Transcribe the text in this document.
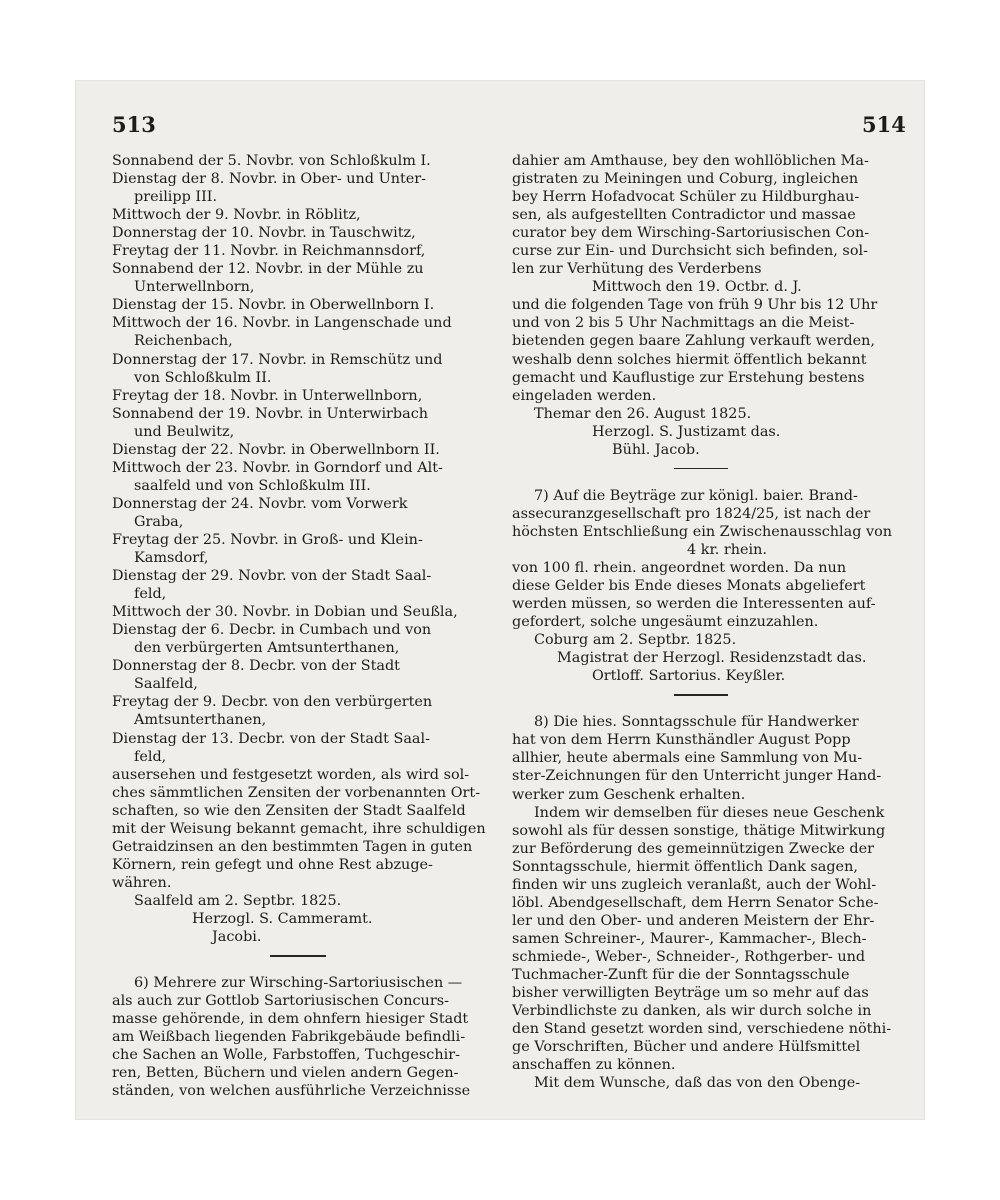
513	514
Sonnabend der 5. Novbr. von Schloßkulm I.
Dienstag der 8. Novbr. in Ober- und Unter-
preilipp III.
Mittwoch der 9. Novbr. in Röblitz,
Donnerstag der 10. Novbr. in Tauschwitz,
Freytag der 11. Novbr. in Reichmannsdorf,
Sonnabend der 12. Novbr. in der Mühle zu
Unterwellnborn,
Dienstag der 15. Novbr. in Oberwellnborn I.
Mittwoch der 16. Novbr. in Langenschade und
Reichenbach,
Donnerstag der 17. Novbr. in Remschütz und
von Schloßkulm II.
Freytag der 18. Novbr. in Unterwellnborn,
Sonnabend der 19. Novbr. in Unterwirbach
und Beulwitz,
Dienstag der 22. Novbr. in Oberwellnborn II.
Mittwoch der 23. Novbr. in Gorndorf und Alt-
saalfeld und von Schloßkulm III.
Donnerstag der 24. Novbr. vom Vorwerk
Graba,
Freytag der 25. Novbr. in Groß- und Klein-
Kamsdorf,
Dienstag der 29. Novbr. von der Stadt Saal-
feld,
Mittwoch der 30. Novbr. in Dobian und Seußla,
Dienstag der 6. Decbr. in Cumbach und von
den verbürgerten Amtsunterthanen,
Donnerstag der 8. Decbr. von der Stadt
Saalfeld,
Freytag der 9. Decbr. von den verbürgerten
Amtsunterthanen,
Dienstag der 13. Decbr. von der Stadt Saal-
feld,
ausersehen und festgesetzt worden, als wird sol-
ches sämmtlichen Zensiten der vorbenannten Ort-
schaften, so wie den Zensiten der Stadt Saalfeld
mit der Weisung bekannt gemacht, ihre schuldigen
Getraidzinsen an den bestimmten Tagen in guten
Körnern, rein gefegt und ohne Rest abzuge-
währen.
Saalfeld am 2. Septbr. 1825.
Herzogl. S. Cammeramt.
Jacobi.
6) Mehrere zur Wirsching-Sartoriusischen —
als auch zur Gottlob Sartoriusischen Concurs-
masse gehörende, in dem ohnfern hiesiger Stadt
am Weißbach liegenden Fabrikgebäude befindli-
che Sachen an Wolle, Farbstoffen, Tuchgeschir-
ren, Betten, Büchern und vielen andern Gegen-
ständen, von welchen ausführliche Verzeichnisse
dahier am Amthause, bey den wohllöblichen Ma-
gistraten zu Meiningen und Coburg, ingleichen
bey Herrn Hofadvocat Schüler zu Hildburghau-
sen, als aufgestellten Contradictor und massae
curator bey dem Wirsching-Sartoriusischen Con-
curse zur Ein- und Durchsicht sich befinden, sol-
len zur Verhütung des Verderbens
Mittwoch den 19. Octbr. d. J.
und die folgenden Tage von früh 9 Uhr bis 12 Uhr
und von 2 bis 5 Uhr Nachmittags an die Meist-
bietenden gegen baare Zahlung verkauft werden,
weshalb denn solches hiermit öffentlich bekannt
gemacht und Kauflustige zur Erstehung bestens
eingeladen werden.
Themar den 26. August 1825.
Herzogl. S. Justizamt das.
Bühl. Jacob.
7) Auf die Beyträge zur königl. baier. Brand-
assecuranzgesellschaft pro 1824/25, ist nach der
höchsten Entschließung ein Zwischenausschlag von
4 kr. rhein.
von 100 fl. rhein. angeordnet worden. Da nun
diese Gelder bis Ende dieses Monats abgeliefert
werden müssen, so werden die Interessenten auf-
gefordert, solche ungesäumt einzuzahlen.
Coburg am 2. Septbr. 1825.
Magistrat der Herzogl. Residenzstadt das.
Ortloff. Sartorius. Keyßler.
8) Die hies. Sonntagsschule für Handwerker
hat von dem Herrn Kunsthändler August Popp
allhier, heute abermals eine Sammlung von Mu-
ster-Zeichnungen für den Unterricht junger Hand-
werker zum Geschenk erhalten.
Indem wir demselben für dieses neue Geschenk
sowohl als für dessen sonstige, thätige Mitwirkung
zur Beförderung des gemeinnützigen Zwecke der
Sonntagsschule, hiermit öffentlich Dank sagen,
finden wir uns zugleich veranlaßt, auch der Wohl-
löbl. Abendgesellschaft, dem Herrn Senator Sche-
ler und den Ober- und anderen Meistern der Ehr-
samen Schreiner-, Maurer-, Kammacher-, Blech-
schmiede-, Weber-, Schneider-, Rothgerber- und
Tuchmacher-Zunft für die der Sonntagsschule
bisher verwilligten Beyträge um so mehr auf das
Verbindlichste zu danken, als wir durch solche in
den Stand gesetzt worden sind, verschiedene nöthi-
ge Vorschriften, Bücher und andere Hülfsmittel
anschaffen zu können.
Mit dem Wunsche, daß das von den Obenge-
